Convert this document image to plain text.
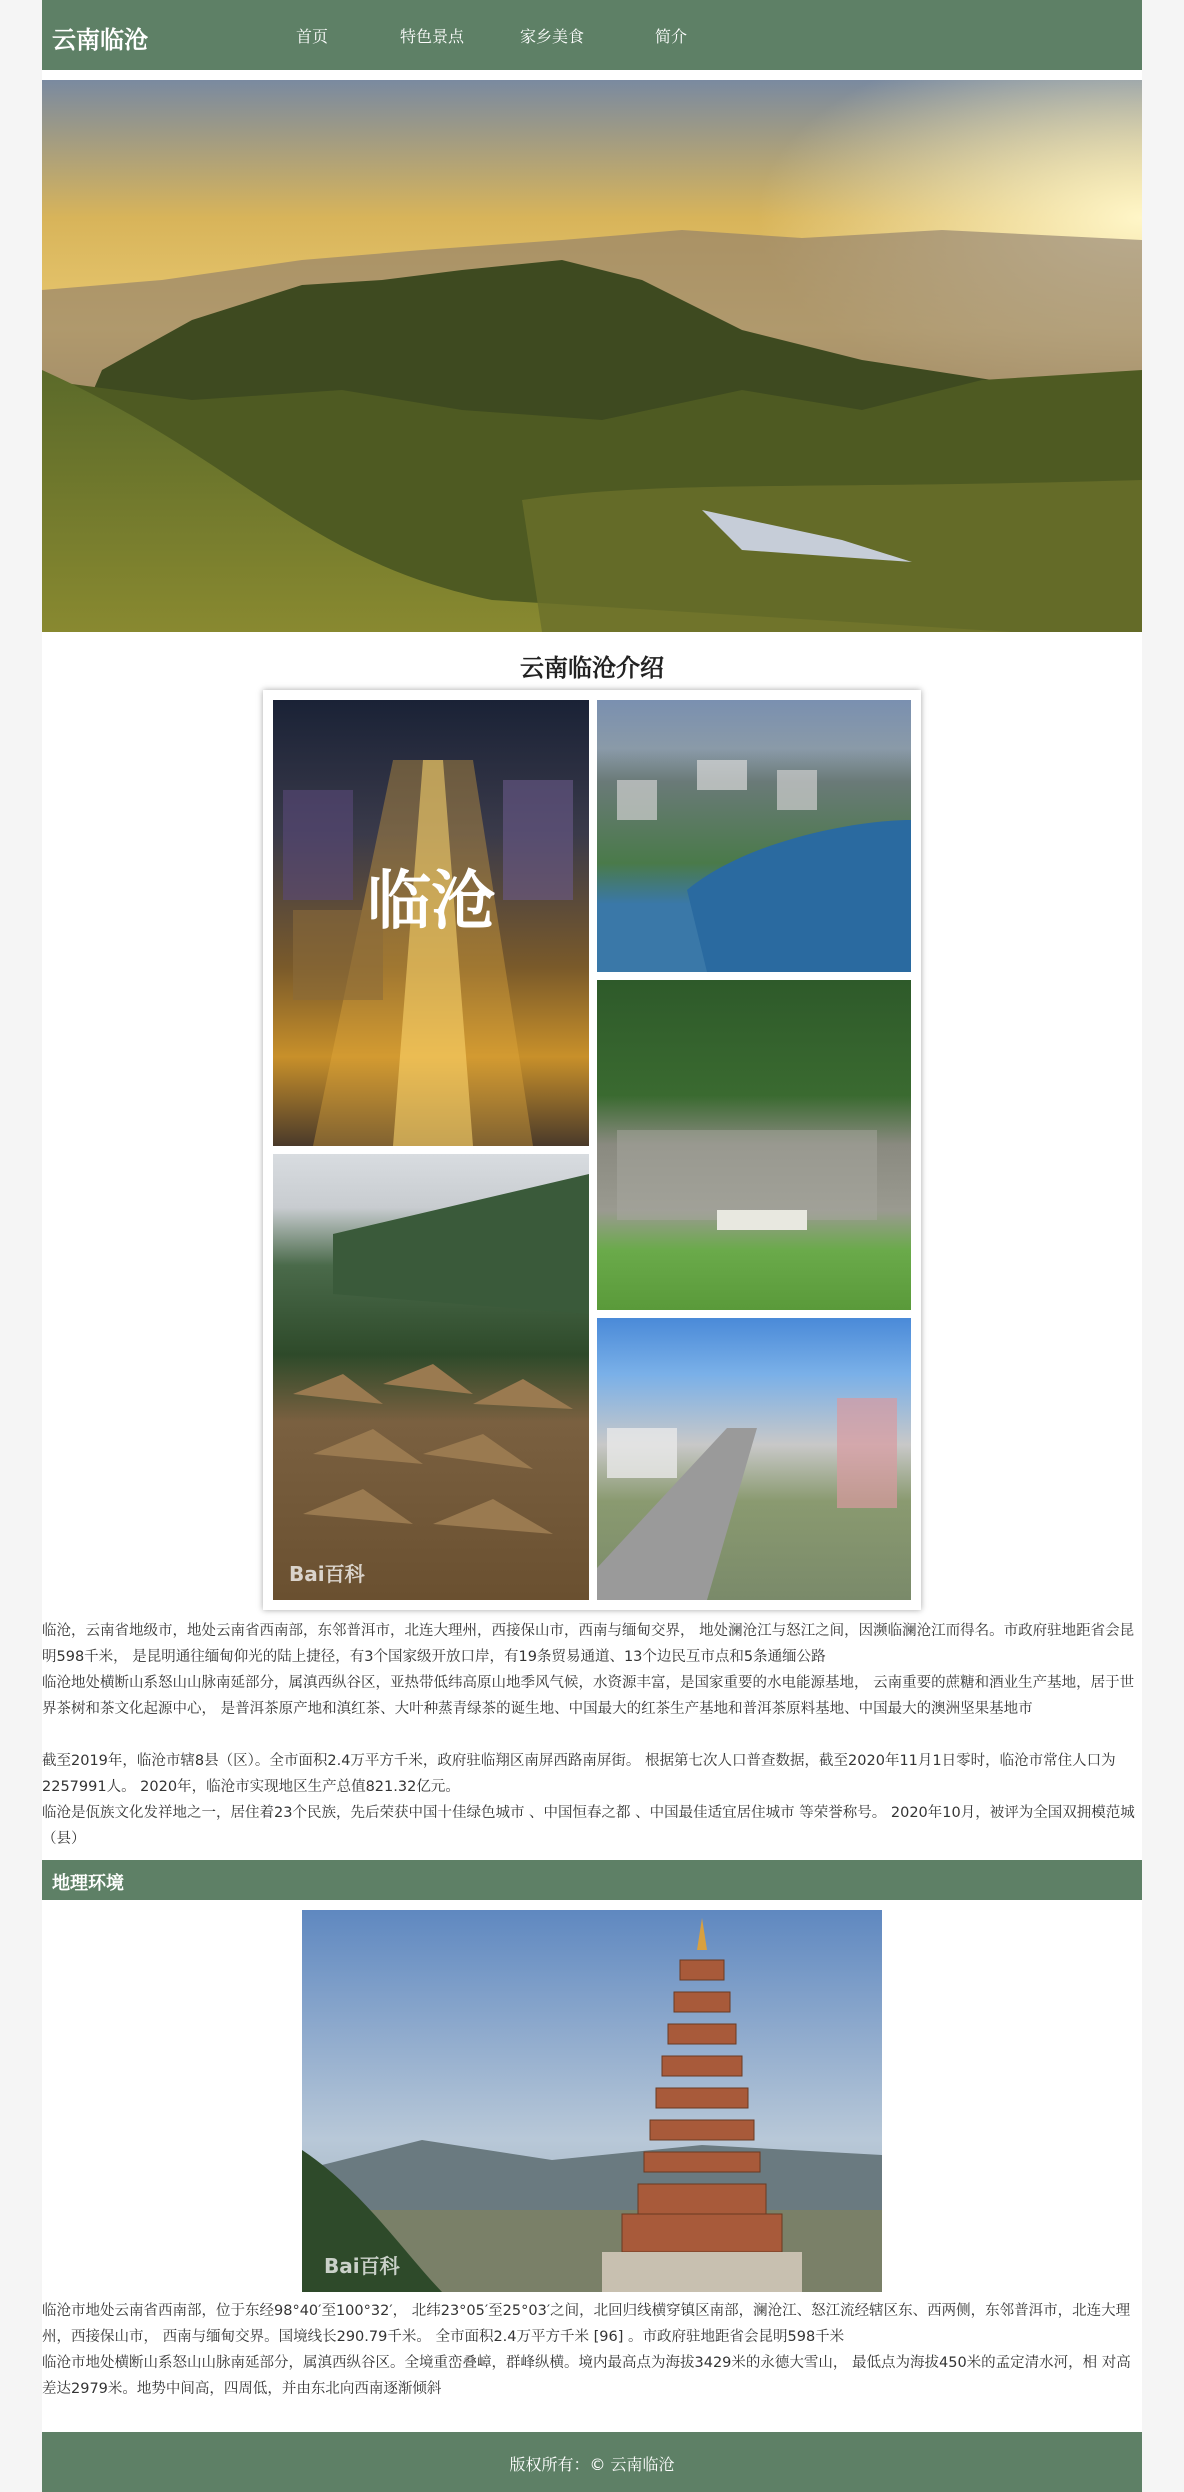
云南临沧	首页	特色景点	家乡美食	简介
云南临沧介绍
临沧
Bai百科
临沧，云南省地级市，地处云南省西南部，东邻普洱市，北连大理州，西接保山市，西南与缅甸交界， 地处澜沧江与怒江之间，因濒临澜沧江而得名。市政府驻地距省会昆明598千米， 是昆明通往缅甸仰光的陆上捷径，有3个国家级开放口岸，有19条贸易通道、13个边民互市点和5条通缅公路
临沧地处横断山系怒山山脉南延部分，属滇西纵谷区，亚热带低纬高原山地季风气候，水资源丰富，是国家重要的水电能源基地， 云南重要的蔗糖和酒业生产基地，居于世界茶树和茶文化起源中心， 是普洱茶原产地和滇红茶、大叶种蒸青绿茶的诞生地、中国最大的红茶生产基地和普洱茶原料基地、中国最大的澳洲坚果基地市
截至2019年，临沧市辖8县（区）。全市面积2.4万平方千米，政府驻临翔区南屏西路南屏街。 根据第七次人口普查数据，截至2020年11月1日零时，临沧市常住人口为2257991人。 2020年，临沧市实现地区生产总值821.32亿元。
临沧是佤族文化发祥地之一，居住着23个民族，先后荣获中国十佳绿色城市 、中国恒春之都 、中国最佳适宜居住城市 等荣誉称号。 2020年10月，被评为全国双拥模范城（县）
地理环境
Bai百科
临沧市地处云南省西南部，位于东经98°40′至100°32′， 北纬23°05′至25°03′之间，北回归线横穿镇区南部，澜沧江、怒江流经辖区东、西两侧，东邻普洱市，北连大理州，西接保山市， 西南与缅甸交界。国境线长290.79千米。 全市面积2.4万平方千米 [96] 。市政府驻地距省会昆明598千米
临沧市地处横断山系怒山山脉南延部分，属滇西纵谷区。全境重峦叠嶂，群峰纵横。境内最高点为海拔3429米的永德大雪山， 最低点为海拔450米的孟定清水河，相 对高差达2979米。地势中间高，四周低，并由东北向西南逐渐倾斜
版权所有：© 云南临沧
